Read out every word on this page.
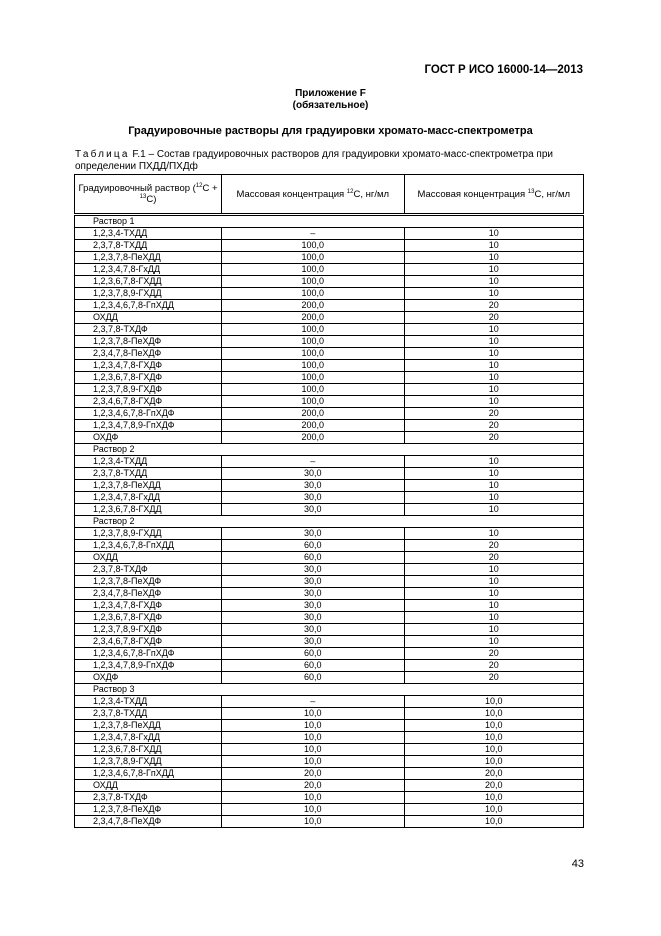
ГОСТ Р ИСО 16000-14—2013
Приложение F
(обязательное)
Градуировочные растворы для градуировки хромато-масс-спектрометра
Таблица F.1 – Состав градуировочных растворов для градуировки хромато-масс-спектрометра при определении ПХДД/ПХДф
Градуировочный раствор ($^{12}$С + $^{13}$С)	Массовая концентрация $^{12}$С, нг/мл	Массовая концентрация $^{13}$С, нг/мл
Раствор 1		
1,2,3,4-ТХДД	–	10
2,3,7,8-ТХДД	100,0	10
1,2,3,7,8-ПеХДД	100,0	10
1,2,3,4,7,8-ГхДД	100,0	10
1,2,3,6,7,8-ГХДД	100,0	10
1,2,3,7,8,9-ГХДД	100,0	10
1,2,3,4,6,7,8-ГпХДД	200,0	20
ОХДД	200,0	20
2,3,7,8-ТХДФ	100,0	10
1,2,3,7,8-ПеХДФ	100,0	10
2,3,4,7,8-ПеХДФ	100,0	10
1,2,3,4,7,8-ГХДФ	100,0	10
1,2,3,6,7,8-ГХДФ	100,0	10
1,2,3,7,8,9-ГХДФ	100,0	10
2,3,4,6,7,8-ГХДФ	100,0	10
1,2,3,4,6,7,8-ГпХДФ	200,0	20
1,2,3,4,7,8,9-ГпХДФ	200,0	20
ОХДФ	200,0	20
Раствор 2		
1,2,3,4-ТХДД	–	10
2,3,7,8-ТХДД	30,0	10
1,2,3,7,8-ПеХДД	30,0	10
1,2,3,4,7,8-ГхДД	30,0	10
1,2,3,6,7,8-ГХДД	30,0	10
Раствор 2		
1,2,3,7,8,9-ГХДД	30,0	10
1,2,3,4,6,7,8-ГпХДД	60,0	20
ОХДД	60,0	20
2,3,7,8-ТХДФ	30,0	10
1,2,3,7,8-ПеХДФ	30,0	10
2,3,4,7,8-ПеХДФ	30,0	10
1,2,3,4,7,8-ГХДФ	30,0	10
1,2,3,6,7,8-ГХДФ	30,0	10
1,2,3,7,8,9-ГХДФ	30,0	10
2,3,4,6,7,8-ГХДФ	30,0	10
1,2,3,4,6,7,8-ГпХДФ	60,0	20
1,2,3,4,7,8,9-ГпХДФ	60,0	20
ОХДФ	60,0	20
Раствор 3		
1,2,3,4-ТХДД	–	10,0
2,3,7,8-ТХДД	10,0	10,0
1,2,3,7,8-ПеХДД	10,0	10,0
1,2,3,4,7,8-ГхДД	10,0	10,0
1,2,3,6,7,8-ГХДД	10,0	10,0
1,2,3,7,8,9-ГХДД	10,0	10,0
1,2,3,4,6,7,8-ГпХДД	20,0	20,0
ОХДД	20,0	20,0
2,3,7,8-ТХДФ	10,0	10,0
1,2,3,7,8-ПеХДФ	10,0	10,0
2,3,4,7,8-ПеХДФ	10,0	10,0
43
